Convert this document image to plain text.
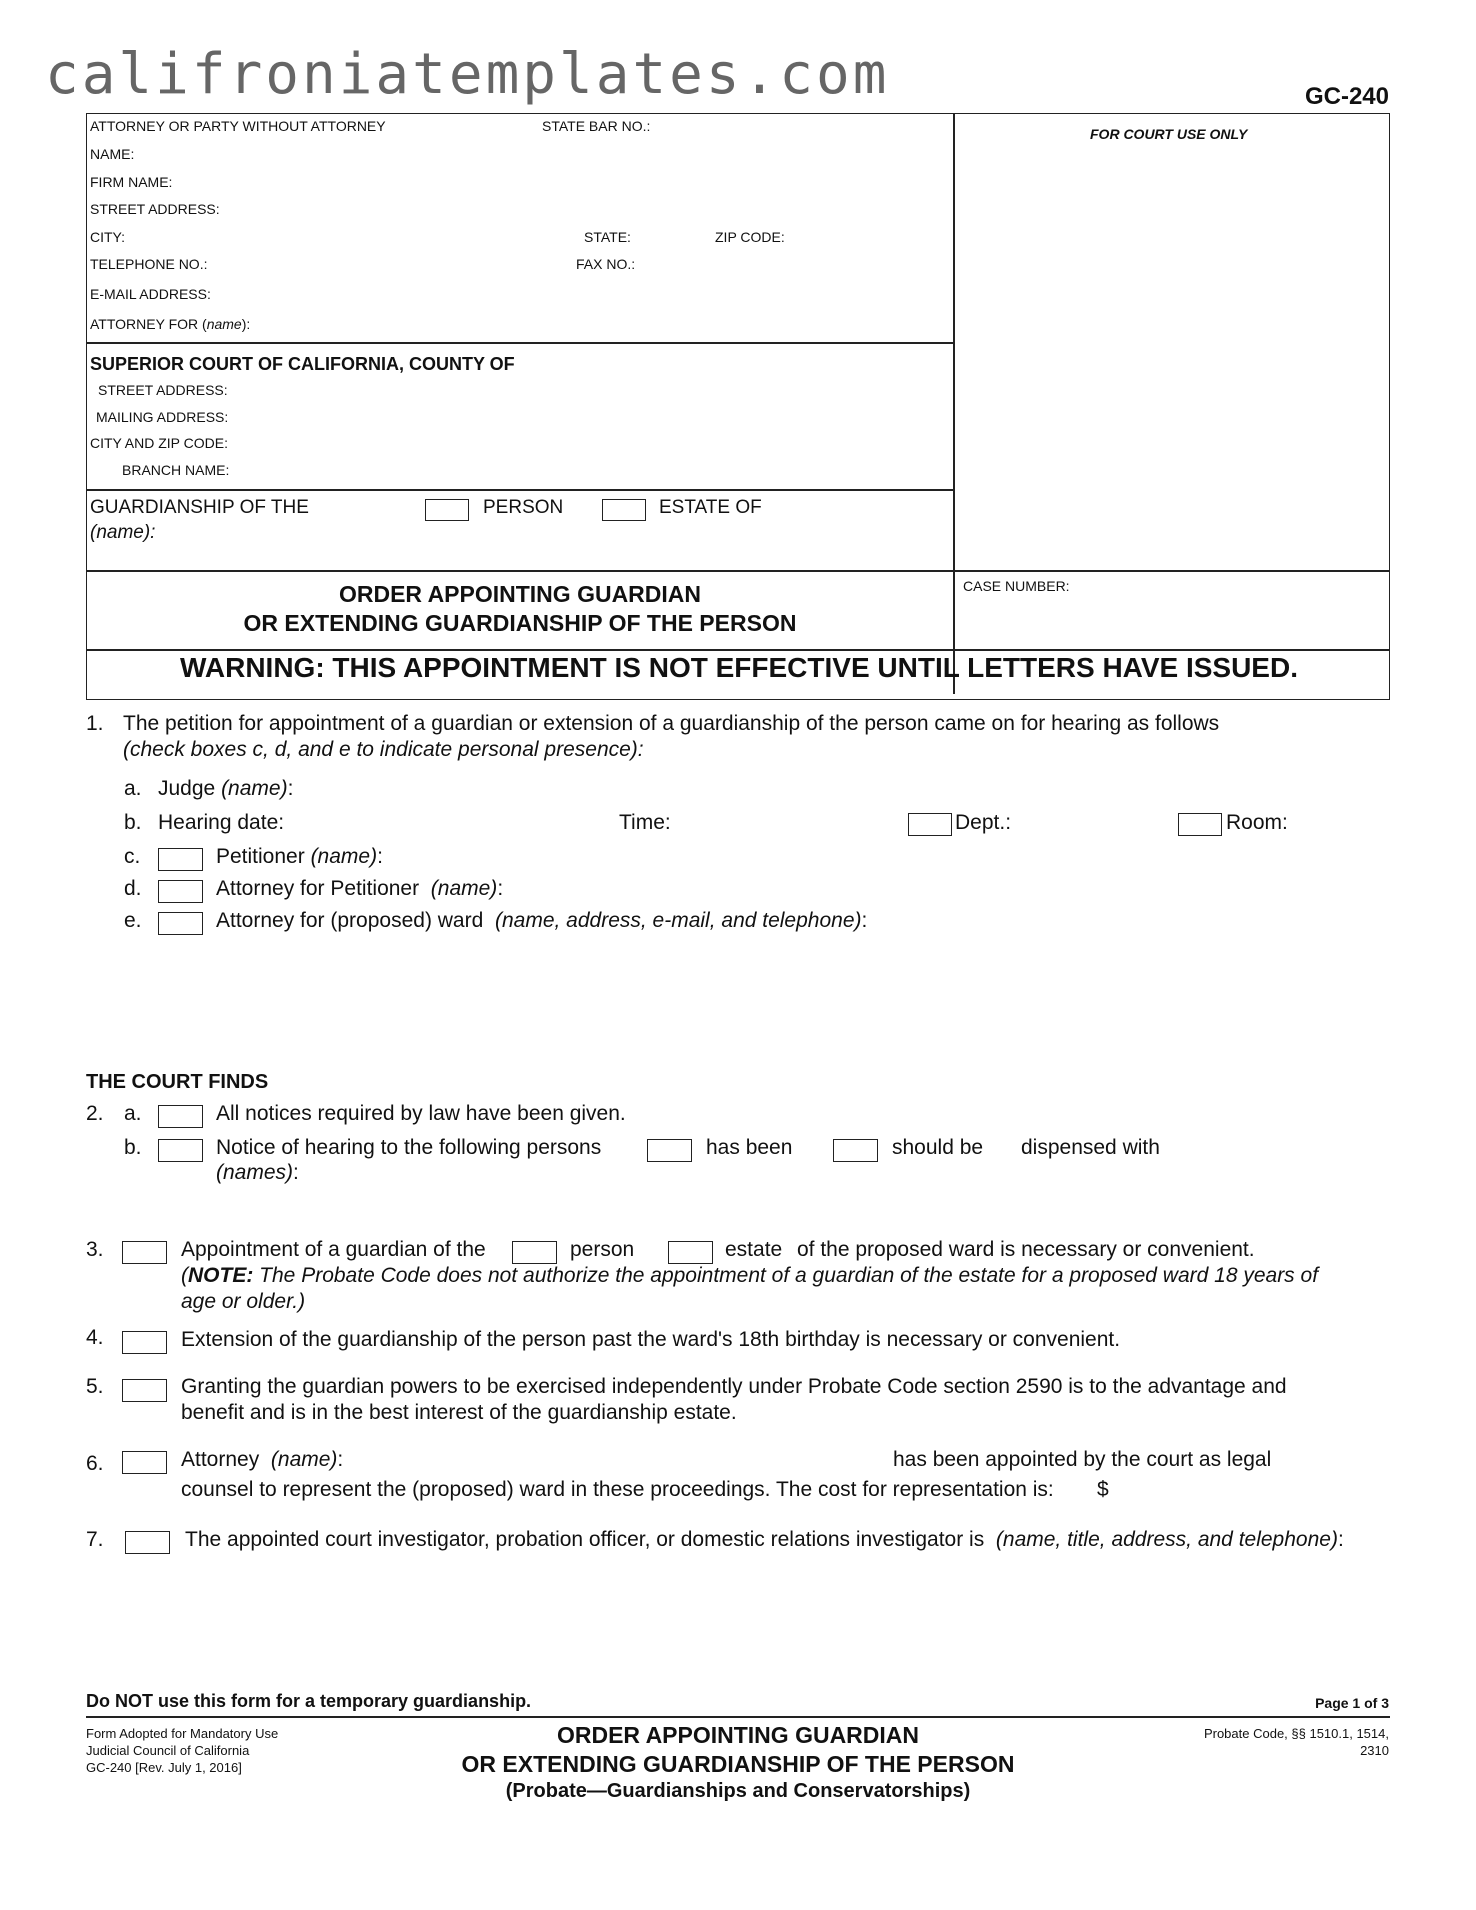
califroniatemplates.com	GC-240
ATTORNEY OR PARTY WITHOUT ATTORNEY	STATE BAR NO.:
NAME:
FIRM NAME:
STREET ADDRESS:
CITY:	STATE:	ZIP CODE:
TELEPHONE NO.:	FAX NO.:
E-MAIL ADDRESS:
ATTORNEY FOR (name):
FOR COURT USE ONLY
SUPERIOR COURT OF CALIFORNIA, COUNTY OF
STREET ADDRESS:
MAILING ADDRESS:
CITY AND ZIP CODE:
BRANCH NAME:
GUARDIANSHIP OF THE
(name):
PERSON	ESTATE OF
ORDER APPOINTING GUARDIAN
OR EXTENDING GUARDIANSHIP OF THE PERSON
CASE NUMBER:
WARNING: THIS APPOINTMENT IS NOT EFFECTIVE UNTIL LETTERS HAVE ISSUED.
1. The petition for appointment of a guardian or extension of a guardianship of the person came on for hearing as follows
(check boxes c, d, and e to indicate personal presence):
a. Judge (name):
b. Hearing date:	Time:	Dept.:	Room:
c.	Petitioner (name):
d.	Attorney for Petitioner (name):
e.	Attorney for (proposed) ward (name, address, e-mail, and telephone):
THE COURT FINDS
2. a.	All notices required by law have been given.
b.	Notice of hearing to the following persons	has been	should be dispensed with
(names):
3.	Appointment of a guardian of the	person	estate of the proposed ward is necessary or convenient.
(NOTE: The Probate Code does not authorize the appointment of a guardian of the estate for a proposed ward 18 years of
age or older.)
4.	Extension of the guardianship of the person past the ward's 18th birthday is necessary or convenient.
5.	Granting the guardian powers to be exercised independently under Probate Code section 2590 is to the advantage and
benefit and is in the best interest of the guardianship estate.
6.	Attorney (name):	has been appointed by the court as legal
counsel to represent the (proposed) ward in these proceedings. The cost for representation is: $
7.	The appointed court investigator, probation officer, or domestic relations investigator is (name, title, address, and telephone):
Do NOT use this form for a temporary guardianship.	Page 1 of 3
Form Adopted for Mandatory Use
Judicial Council of California
GC-240 [Rev. July 1, 2016]
ORDER APPOINTING GUARDIAN
OR EXTENDING GUARDIANSHIP OF THE PERSON
(Probate—Guardianships and Conservatorships)
Probate Code, §§ 1510.1, 1514,
2310
